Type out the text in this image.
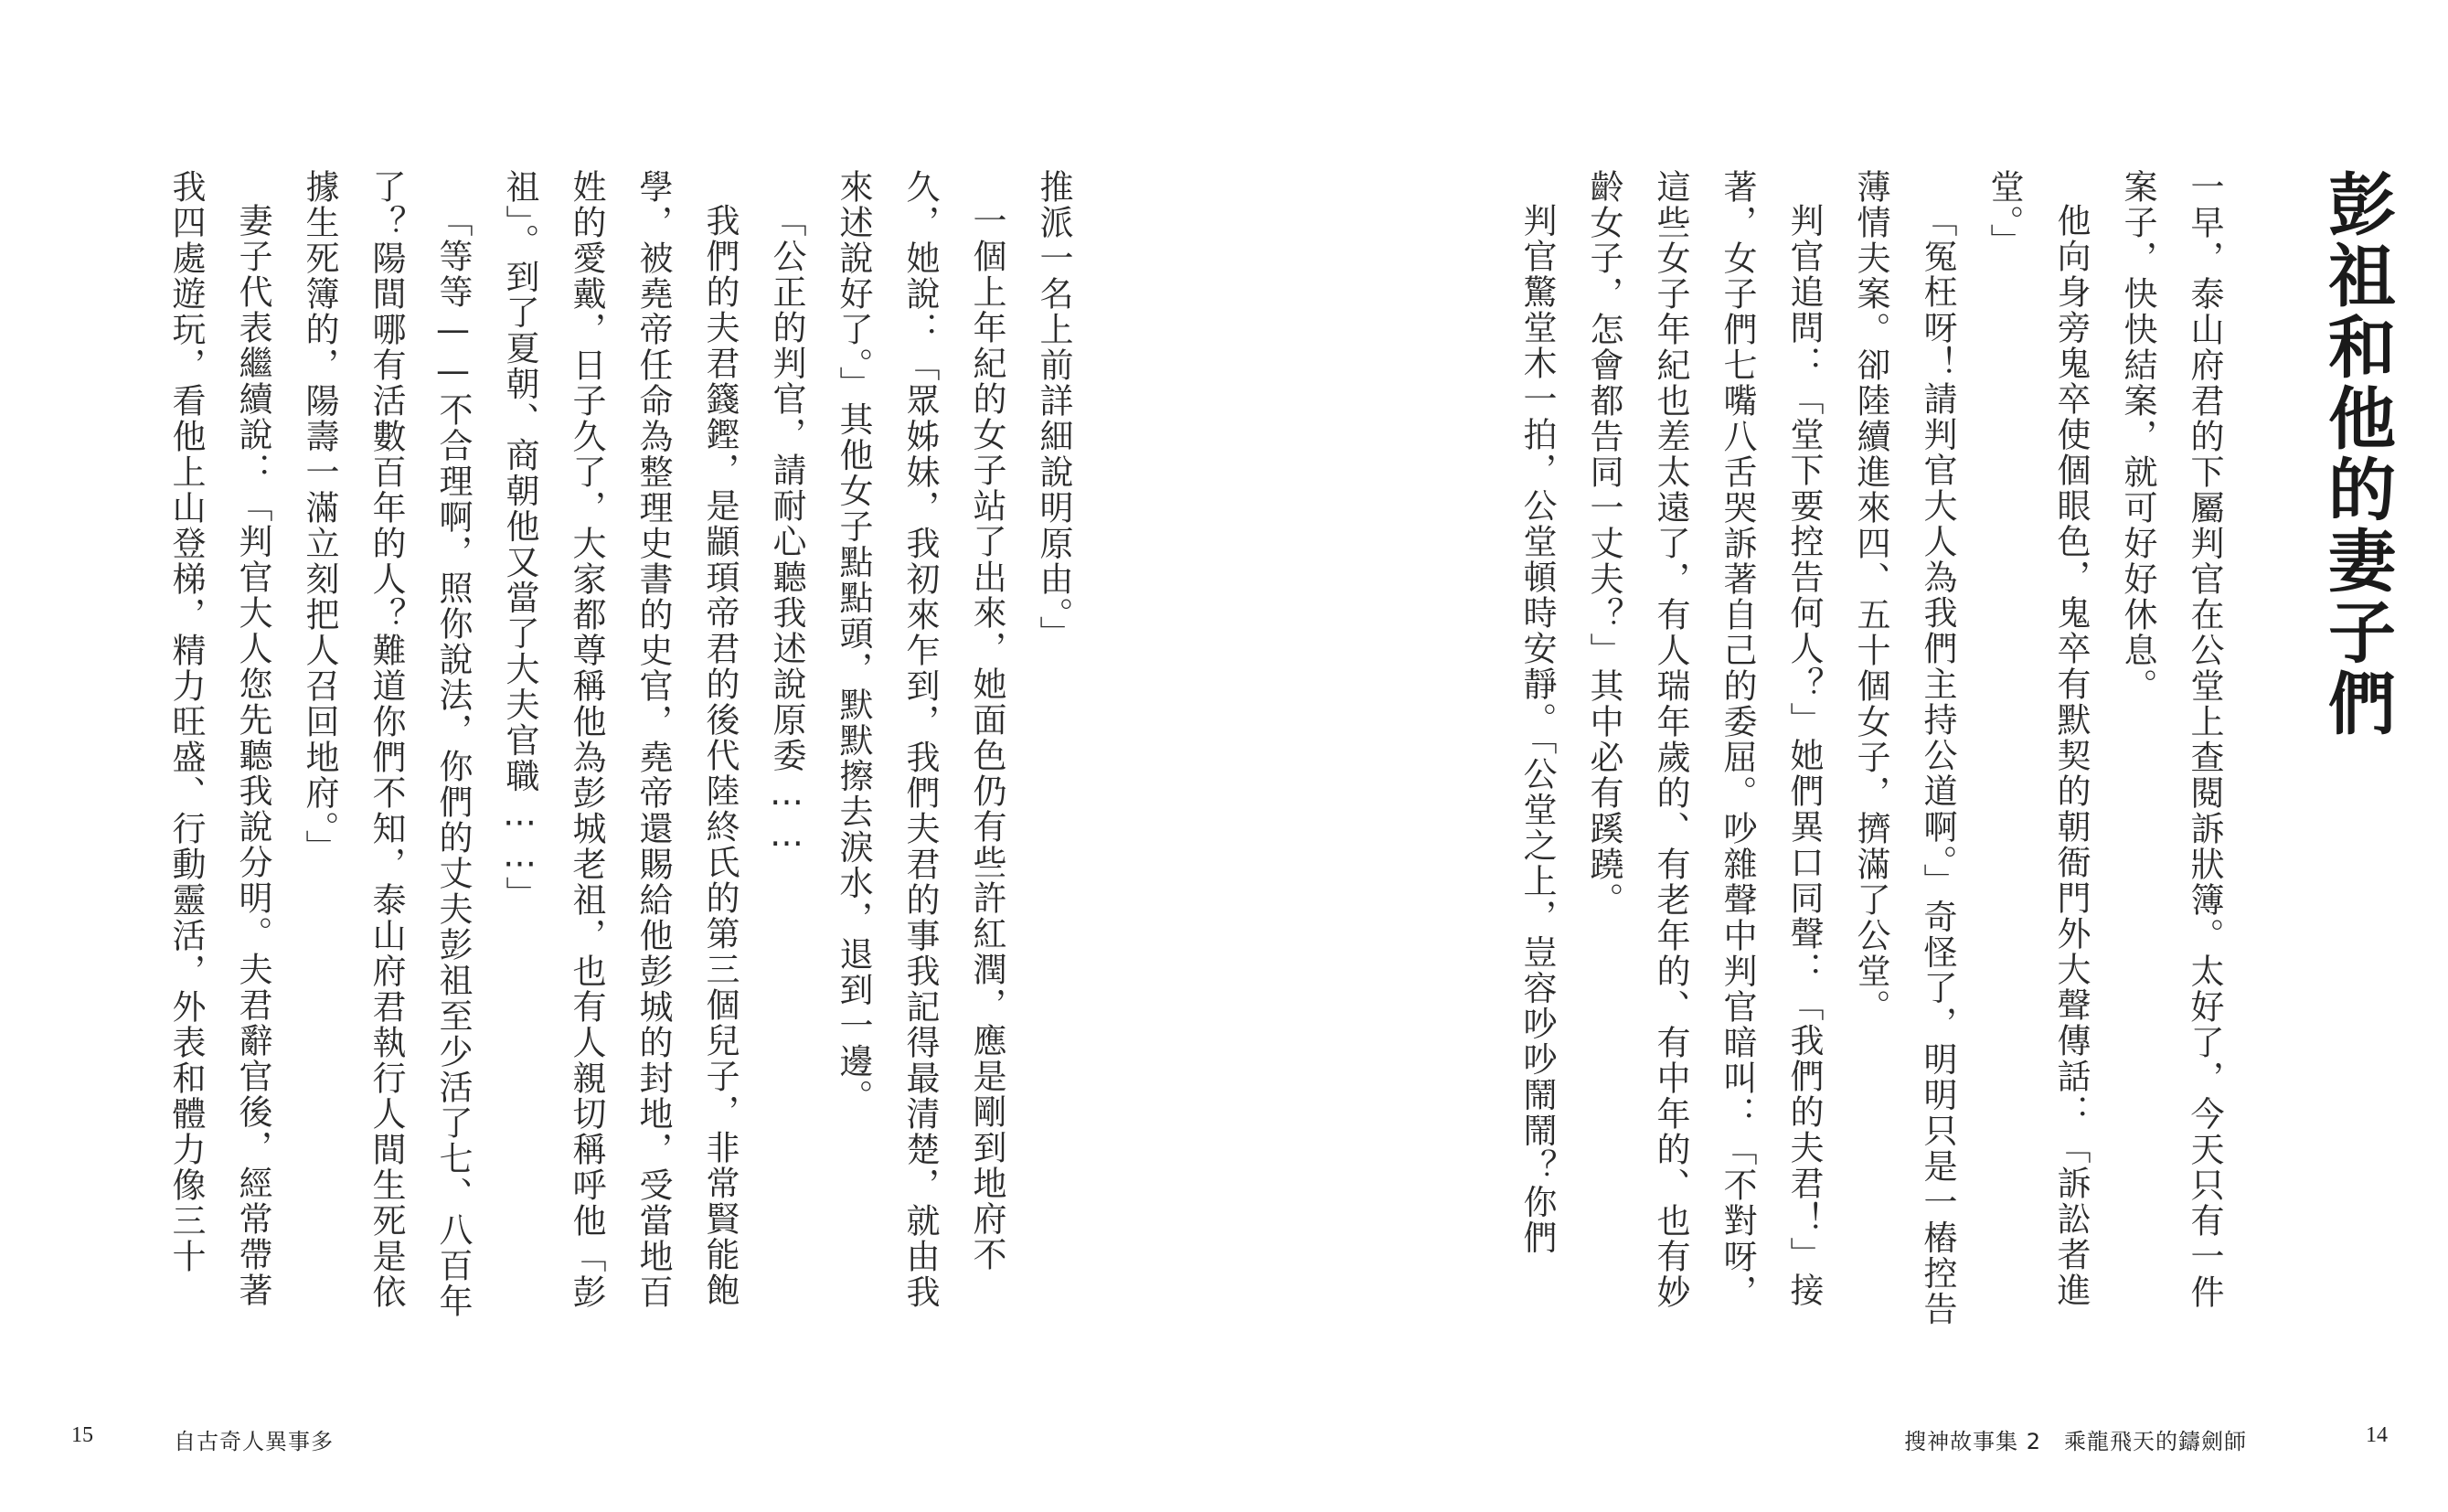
彭祖和他的妻子們
一早，泰山府君的下屬判官在公堂上查閱訴狀簿。太好了，今天只有一件案子，快快結案，就可好好休息。
他向身旁鬼卒使個眼色，鬼卒有默契的朝衙門外大聲傳話：「訴訟者進堂。」
「冤枉呀！請判官大人為我們主持公道啊。」奇怪了，明明只是一樁控告薄情夫案。卻陸續進來四、五十個女子，擠滿了公堂。
判官追問：「堂下要控告何人？」她們異口同聲：「我們的夫君！」接著，女子們七嘴八舌哭訴著自己的委屈。吵雜聲中判官暗叫：「不對呀，這些女子年紀也差太遠了，有人瑞年歲的、有老年的、有中年的、也有妙齡女子，怎會都告同一丈夫？」其中必有蹊蹺。
判官驚堂木一拍，公堂頓時安靜。「公堂之上，豈容吵吵鬧鬧？你們
搜神故事集 2　乘龍飛天的鑄劍師	14
推派一名上前詳細說明原由。」
一個上年紀的女子站了出來，她面色仍有些許紅潤，應是剛到地府不久，她說：「眾姊妹，我初來乍到，我們夫君的事我記得最清楚，就由我來述說好了。」其他女子點點頭，默默擦去淚水，退到一邊。
「公正的判官，請耐心聽我述說原委……
我們的夫君籛鏗，是顓頊帝君的後代陸終氏的第三個兒子，非常賢能飽學，被堯帝任命為整理史書的史官，堯帝還賜給他彭城的封地，受當地百姓的愛戴，日子久了，大家都尊稱他為彭城老祖，也有人親切稱呼他「彭祖」。到了夏朝、商朝他又當了大夫官職……」
「等等——不合理啊，照你說法，你們的丈夫彭祖至少活了七、八百年了？陽間哪有活數百年的人？難道你們不知，泰山府君執行人間生死是依據生死簿的，陽壽一滿立刻把人召回地府。」
妻子代表繼續說：「判官大人您先聽我說分明。夫君辭官後，經常帶著我四處遊玩，看他上山登梯，精力旺盛、行動靈活，外表和體力像三十
15	自古奇人異事多
